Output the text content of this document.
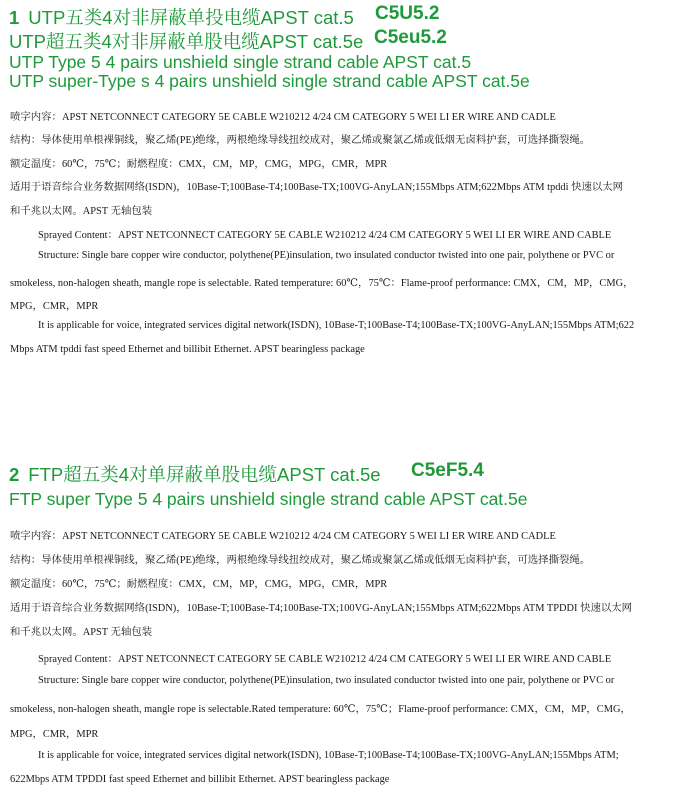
1 UTP五类4对非屏蔽单投电缆APST cat.5 C5U5.2
UTP超五类4对非屏蔽单股电缆APST cat.5e C5eu5.2
UTP Type 5 4 pairs unshield single strand cable APST cat.5
UTP super-Type s 4 pairs unshield single strand cable APST cat.5e
喷字内容：APST NETCONNECT CATEGORY 5E CABLE W210212 4/24 CM CATEGORY 5 WEI LI ER WIRE AND CADLE
结构：导体使用单根裸铜线，聚乙烯(PE)绝缘，两根绝缘导线扭绞成对，聚乙烯或聚氯乙烯或低烟无卤料护套，可选择撕裂绳。
额定温度：60℃，75℃；耐燃程度：CMX，CM，MP，CMG，MPG，CMR，MPR
适用于语音综合业务数据网络(ISDN)，10Base-T;100Base-T4;100Base-TX;100VG-AnyLAN;155Mbps ATM;622Mbps ATM tpddi 快速以太网
和千兆以太网。APST 无轴包装
Sprayed Content：APST NETCONNECT CATEGORY 5E CABLE W210212 4/24 CM CATEGORY 5 WEI LI ER WIRE AND CABLE
Structure: Single bare copper wire conductor, polythene(PE)insulation, two insulated conductor twisted into one pair, polythene or PVC or
smokeless, non-halogen sheath, mangle rope is selectable. Rated temperature: 60℃，75℃：Flame-proof performance: CMX，CM，MP，CMG，
MPG，CMR，MPR
It is applicable for voice, integrated services digital network(ISDN), 10Base-T;100Base-T4;100Base-TX;100VG-AnyLAN;155Mbps ATM;622
Mbps ATM tpddi fast speed Ethernet and billibit Ethernet. APST bearingless package
2 FTP超五类4对单屏蔽单股电缆APST cat.5e C5eF5.4
FTP super Type 5 4 pairs unshield single strand cable APST cat.5e
喷字内容：APST NETCONNECT CATEGORY 5E CABLE W210212 4/24 CM CATEGORY 5 WEI LI ER WIRE AND CADLE
结构：导体使用单根裸铜线，聚乙烯(PE)绝缘，两根绝缘导线扭绞成对，聚乙烯或聚氯乙烯或低烟无卤料护套，可选择撕裂绳。
额定温度：60℃，75℃；耐燃程度：CMX，CM，MP，CMG，MPG，CMR，MPR
适用于语音综合业务数据网络(ISDN)，10Base-T;100Base-T4;100Base-TX;100VG-AnyLAN;155Mbps ATM;622Mbps ATM TPDDI 快速以太网
和千兆以太网。APST 无轴包装
Sprayed Content：APST NETCONNECT CATEGORY 5E CABLE W210212 4/24 CM CATEGORY 5 WEI LI ER WIRE AND CABLE
Structure: Single bare copper wire conductor, polythene(PE)insulation, two insulated conductor twisted into one pair, polythene or PVC or
smokeless, non-halogen sheath, mangle rope is selectable.Rated temperature: 60℃，75℃；Flame-proof performance: CMX，CM，MP，CMG，
MPG，CMR，MPR
It is applicable for voice, integrated services digital network(ISDN), 10Base-T;100Base-T4;100Base-TX;100VG-AnyLAN;155Mbps ATM;
622Mbps ATM TPDDI fast speed Ethernet and billibit Ethernet. APST bearingless package
